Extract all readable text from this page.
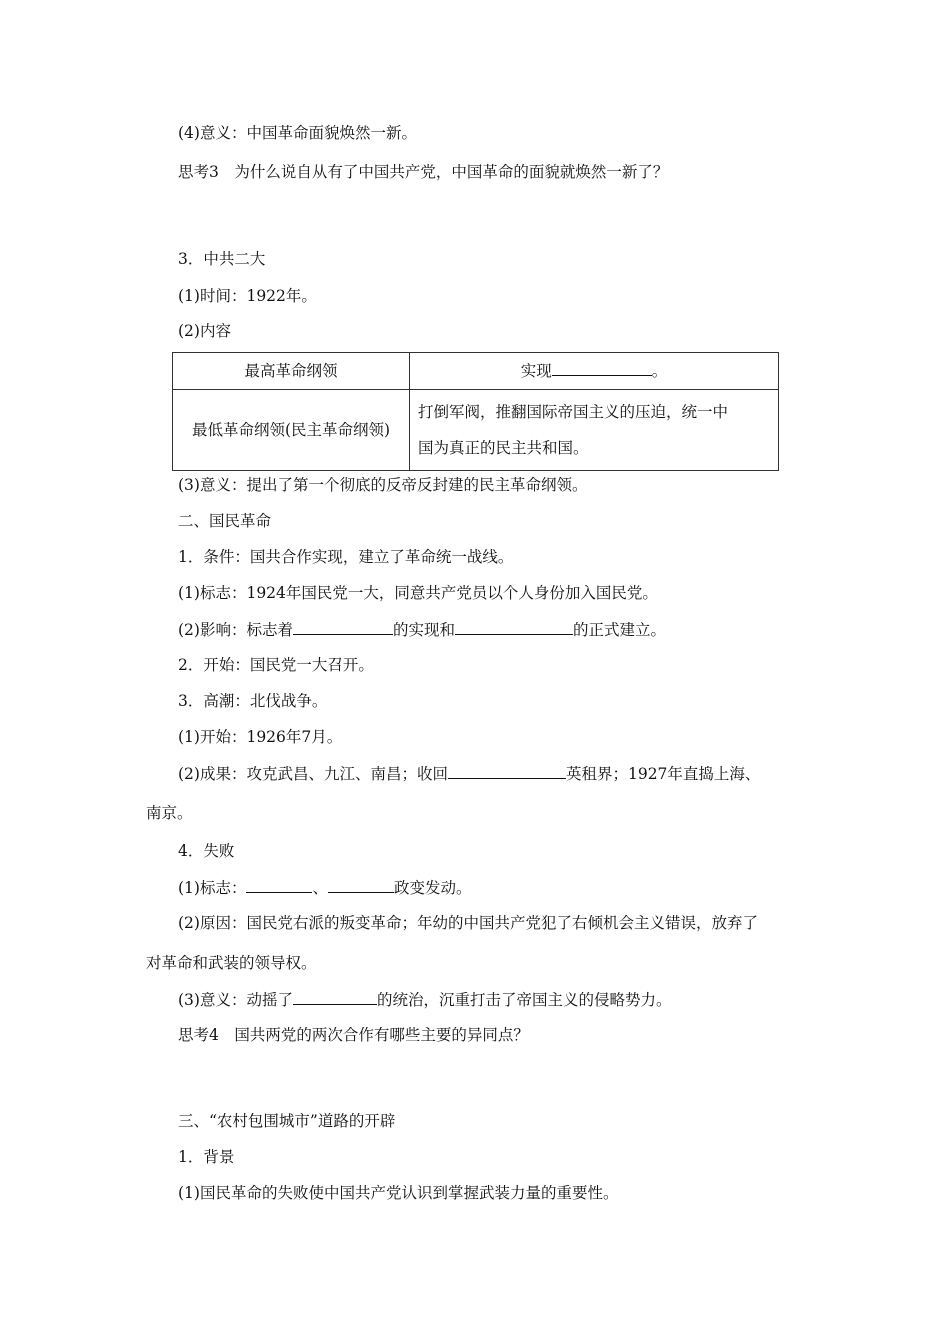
(4)意义：中国革命面貌焕然一新。
思考3　为什么说自从有了中国共产党，中国革命的面貌就焕然一新了？
3．中共二大
(1)时间：1922年。
(2)内容
最高革命纲领	实现 。
最低革命纲领(民主革命纲领)	打倒军阀，推翻国际帝国主义的压迫，统一中
国为真正的民主共和国。
(3)意义：提出了第一个彻底的反帝反封建的民主革命纲领。
二、国民革命
1．条件：国共合作实现，建立了革命统一战线。
(1)标志：1924年国民党一大，同意共产党员以个人身份加入国民党。
(2)影响：标志着	的实现和	的正式建立。
2．开始：国民党一大召开。
3．高潮：北伐战争。
(1)开始：1926年7月。
(2)成果：攻克武昌、九江、南昌；收回	英租界；1927年直捣上海、
南京。
4．失败
(1)标志：	、	政变发动。
(2)原因：国民党右派的叛变革命；年幼的中国共产党犯了右倾机会主义错误，放弃了
对革命和武装的领导权。
(3)意义：动摇了	的统治，沉重打击了帝国主义的侵略势力。
思考4　国共两党的两次合作有哪些主要的异同点？
三、“农村包围城市”道路的开辟
1．背景
(1)国民革命的失败使中国共产党认识到掌握武装力量的重要性。
